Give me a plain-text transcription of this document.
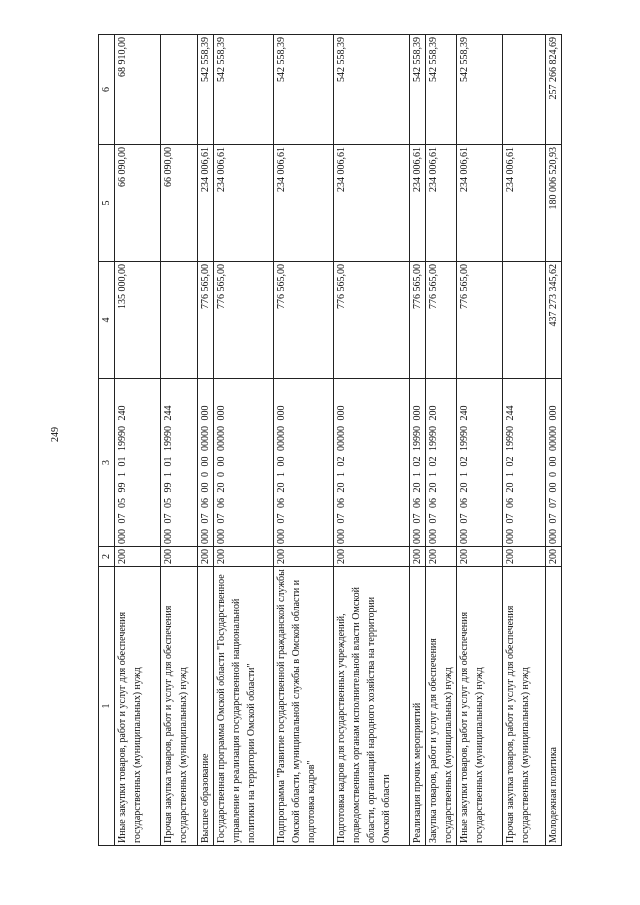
249
1	2	3	4	5	6
Иные закупки товаров, работ и услуг для обеспечения государственных (муниципальных) нужд	200	000 07 05 99 1 01 19990 240	135 000,00	66 090,00	68 910,00
Прочая закупка товаров, работ и услуг для обеспечения государственных (муниципальных) нужд	200	000 07 05 99 1 01 19990 244		66 090,00	
Высшее образование	200	000 07 06 00 0 00 00000 000	776 565,00	234 006,61	542 558,39
Государственная программа Омской области "Государственное управление и реализация государственной национальной политики на территории Омской области"	200	000 07 06 20 0 00 00000 000	776 565,00	234 006,61	542 558,39
Подпрограмма "Развитие государственной гражданской службы Омской области, муниципальной службы в Омской области и подготовка кадров"	200	000 07 06 20 1 00 00000 000	776 565,00	234 006,61	542 558,39
Подготовка кадров для государственных учреждений, подведомственных органам исполнительной власти Омской области, организаций народного хозяйства на территории Омской области	200	000 07 06 20 1 02 00000 000	776 565,00	234 006,61	542 558,39
Реализация прочих мероприятий	200	000 07 06 20 1 02 19990 000	776 565,00	234 006,61	542 558,39
Закупка товаров, работ и услуг для обеспечения государственных (муниципальных) нужд	200	000 07 06 20 1 02 19990 200	776 565,00	234 006,61	542 558,39
Иные закупки товаров, работ и услуг для обеспечения государственных (муниципальных) нужд	200	000 07 06 20 1 02 19990 240	776 565,00	234 006,61	542 558,39
Прочая закупка товаров, работ и услуг для обеспечения государственных (муниципальных) нужд	200	000 07 06 20 1 02 19990 244		234 006,61	
Молодежная политика	200	000 07 07 00 0 00 00000 000	437 273 345,62	180 006 520,93	257 266 824,69
